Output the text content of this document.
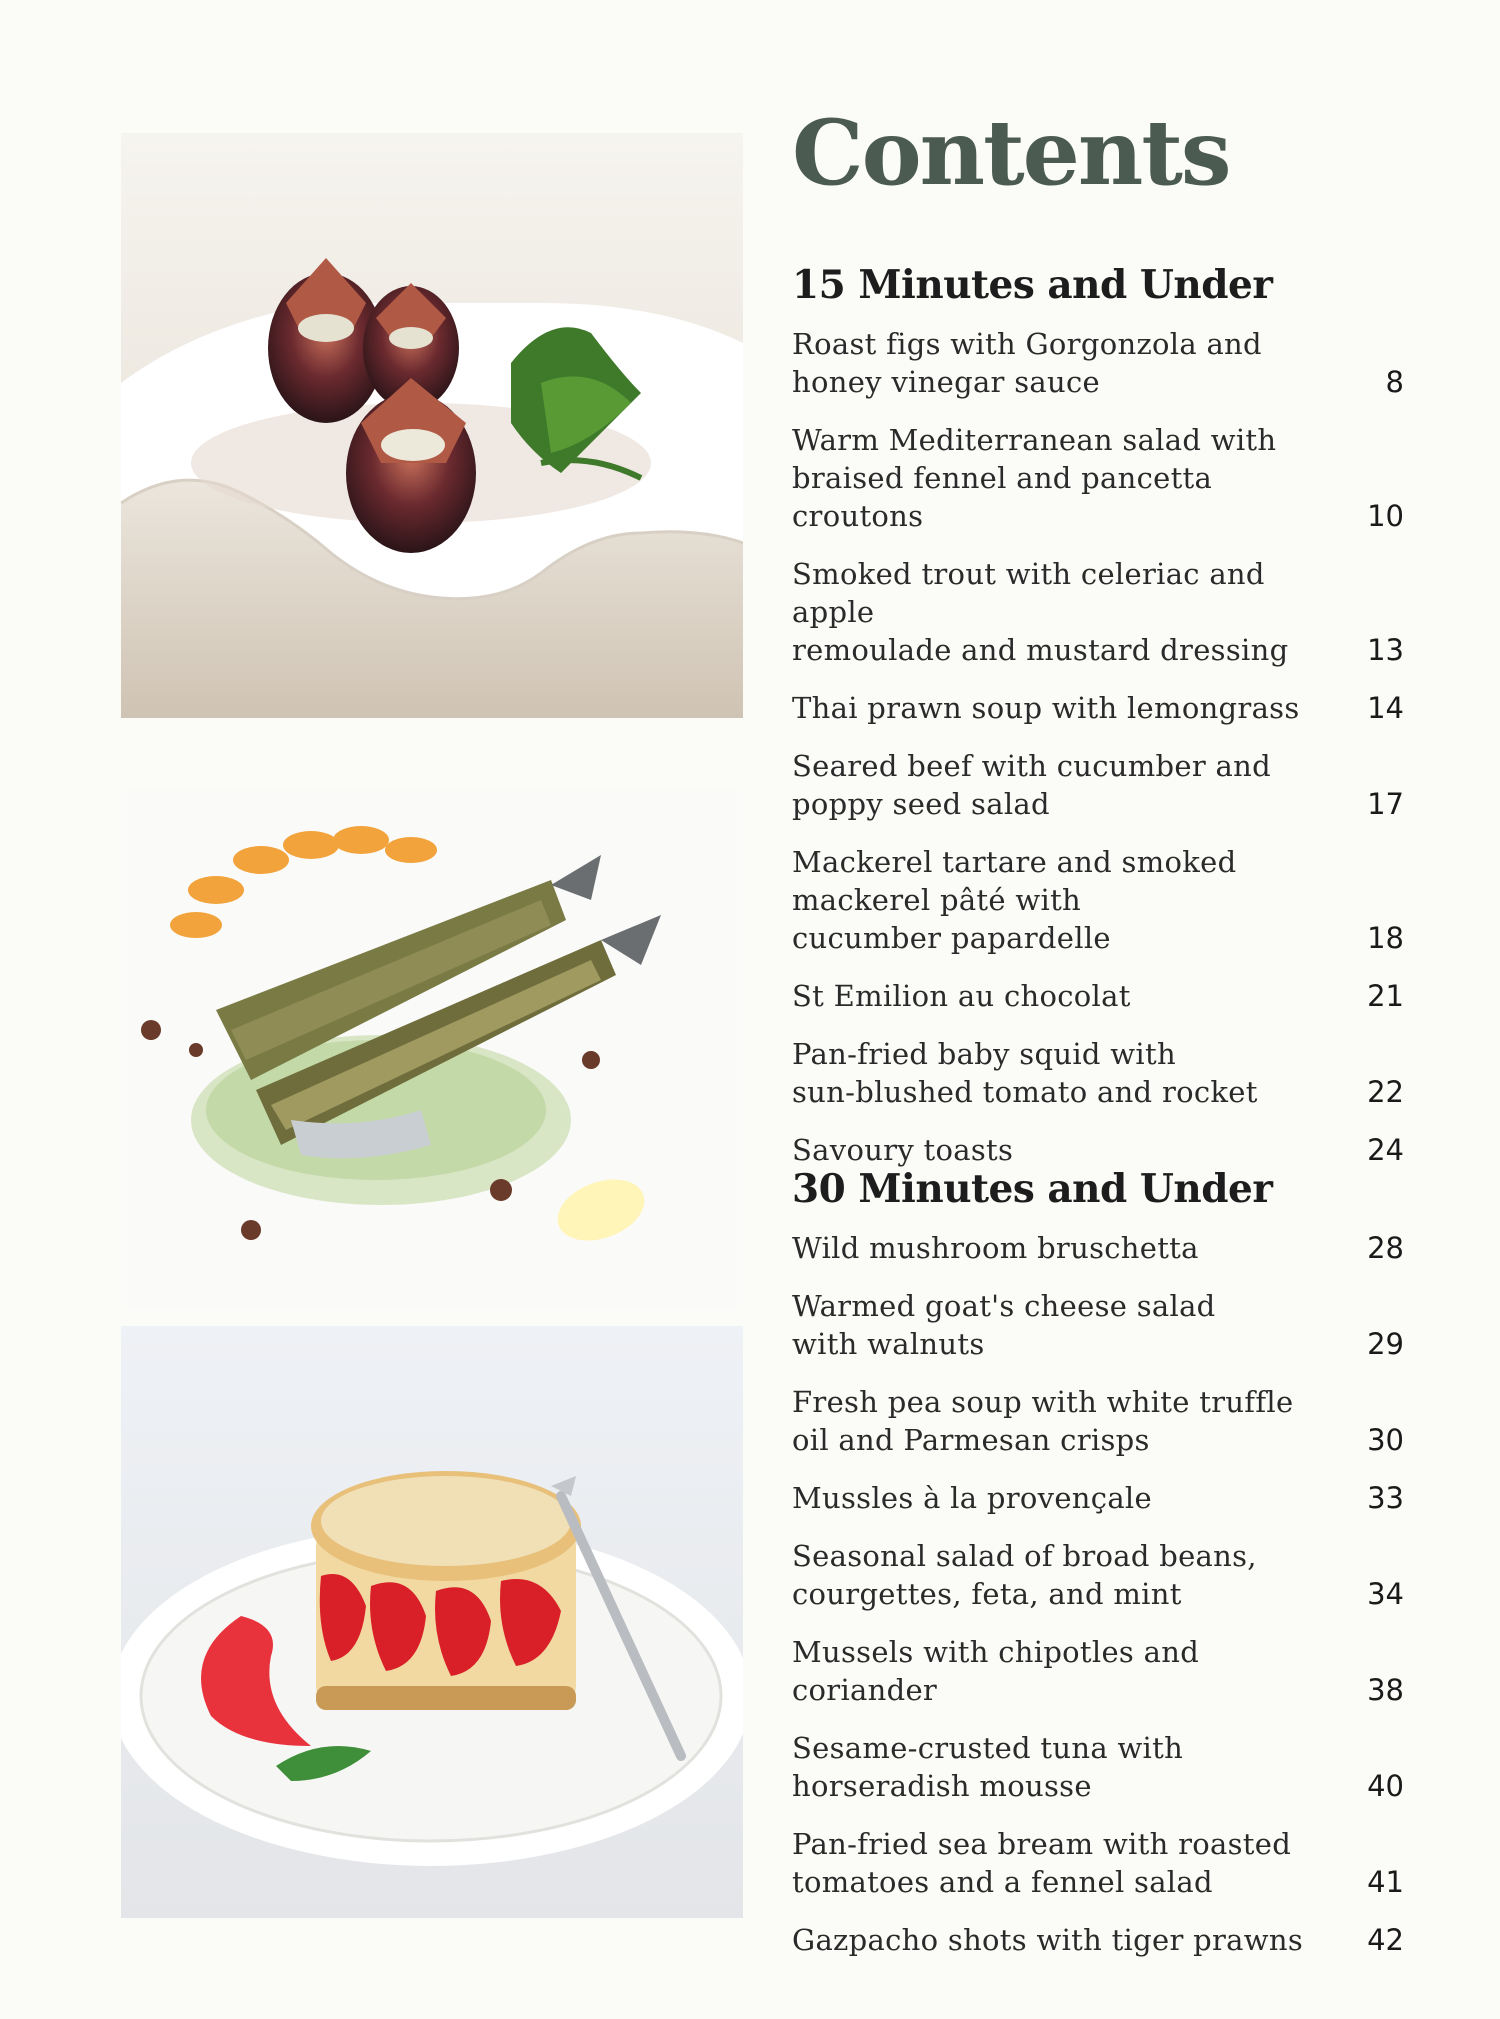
Contents
15 Minutes and Under
Roast figs with Gorgonzola and
honey vinegar sauce	8
Warm Mediterranean salad with
braised fennel and pancetta croutons	10
Smoked trout with celeriac and apple
remoulade and mustard dressing	13
Thai prawn soup with lemongrass 14
Seared beef with cucumber and
poppy seed salad	17
Mackerel tartare and smoked
mackerel pâté with
cucumber papardelle	18
St Emilion au chocolat	21
Pan-fried baby squid with
sun-blushed tomato and rocket	22
Savoury toasts	24
30 Minutes and Under
Wild mushroom bruschetta	28
Warmed goat's cheese salad
with walnuts	29
Fresh pea soup with white truffle
oil and Parmesan crisps	30
Mussles à la provençale	33
Seasonal salad of broad beans,
courgettes, feta, and mint	34
Mussels with chipotles and coriander	38
Sesame-crusted tuna with
horseradish mousse	40
Pan-fried sea bream with roasted
tomatoes and a fennel salad	41
Gazpacho shots with tiger prawns 42
